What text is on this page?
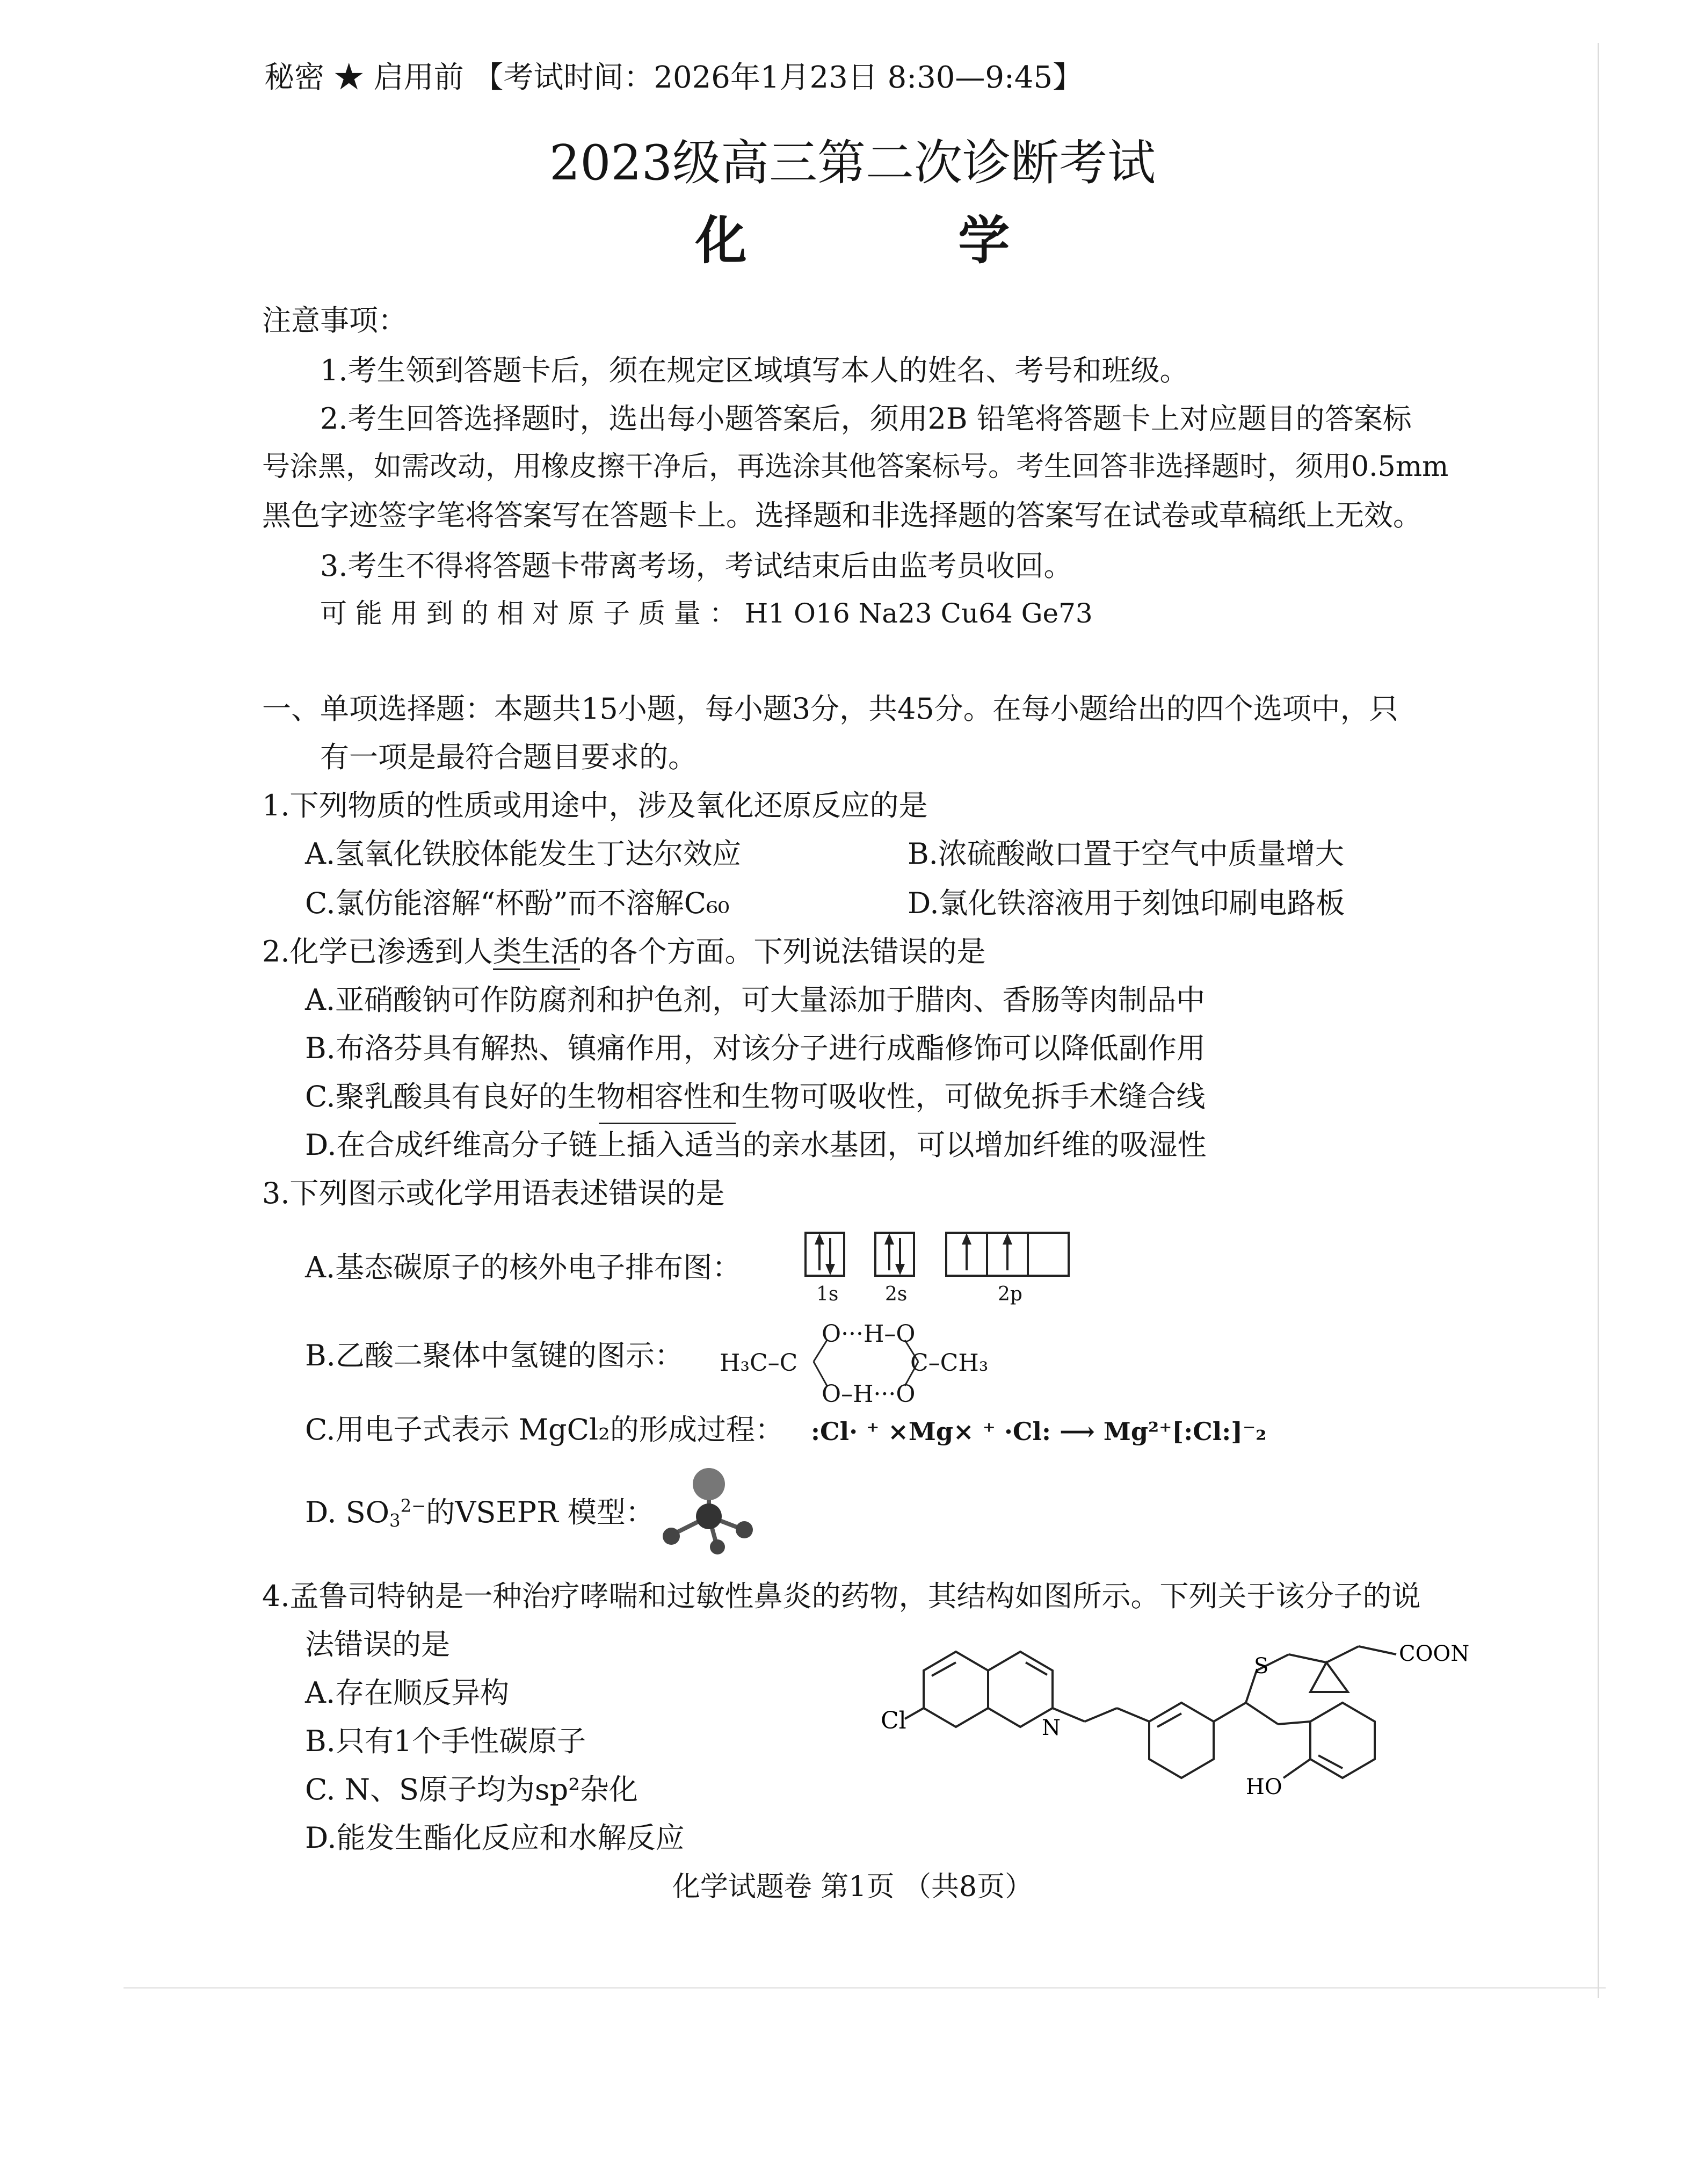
秘密 ★ 启用前 【考试时间：2026年1月23日 8:30—9:45】
2023级高三第二次诊断考试
化 学
注意事项：
1.考生领到答题卡后，须在规定区域填写本人的姓名、考号和班级。
2.考生回答选择题时，选出每小题答案后，须用2B 铅笔将答题卡上对应题目的答案标
号涂黑，如需改动，用橡皮擦干净后，再选涂其他答案标号。考生回答非选择题时，须用0.5mm
黑色字迹签字笔将答案写在答题卡上。选择题和非选择题的答案写在试卷或草稿纸上无效。
3.考生不得将答题卡带离考场，考试结束后由监考员收回。
可 能 用 到 的 相 对 原 子 质 量 ： H1 O16 Na23 Cu64 Ge73
一、单项选择题：本题共15小题，每小题3分，共45分。在每小题给出的四个选项中，只
有一项是最符合题目要求的。
1.下列物质的性质或用途中，涉及氧化还原反应的是
A.氢氧化铁胶体能发生丁达尔效应	B.浓硫酸敞口置于空气中质量增大
C.氯仿能溶解“杯酚”而不溶解C₆₀	D.氯化铁溶液用于刻蚀印刷电路板
2.化学已渗透到人类生活的各个方面。下列说法错误的是
A.亚硝酸钠可作防腐剂和护色剂，可大量添加于腊肉、香肠等肉制品中
B.布洛芬具有解热、镇痛作用，对该分子进行成酯修饰可以降低副作用
C.聚乳酸具有良好的生物相容性和生物可吸收性，可做免拆手术缝合线
D.在合成纤维高分子链上插入适当的亲水基团，可以增加纤维的吸湿性
3.下列图示或化学用语表述错误的是
A.基态碳原子的核外电子排布图：
1s 2s	2p
B.乙酸二聚体中氢键的图示：
O···H–O
O–H···O
H₃C–C	C–CH₃
C.用电子式表示 MgCl₂的形成过程： :Cl· ⁺ ×Mg× ⁺ ·Cl: ⟶ Mg²⁺[:Cl:]⁻₂
D. $SO_3^{2-}$的VSEPR 模型：
4.孟鲁司特钠是一种治疗哮喘和过敏性鼻炎的药物，其结构如图所示。下列关于该分子的说
法错误的是
A.存在顺反异构
B.只有1个手性碳原子
C. N、S原子均为sp²杂化
D.能发生酯化反应和水解反应
Cl	N
S	COON
HO
化学试题卷 第1页 （共8页）
